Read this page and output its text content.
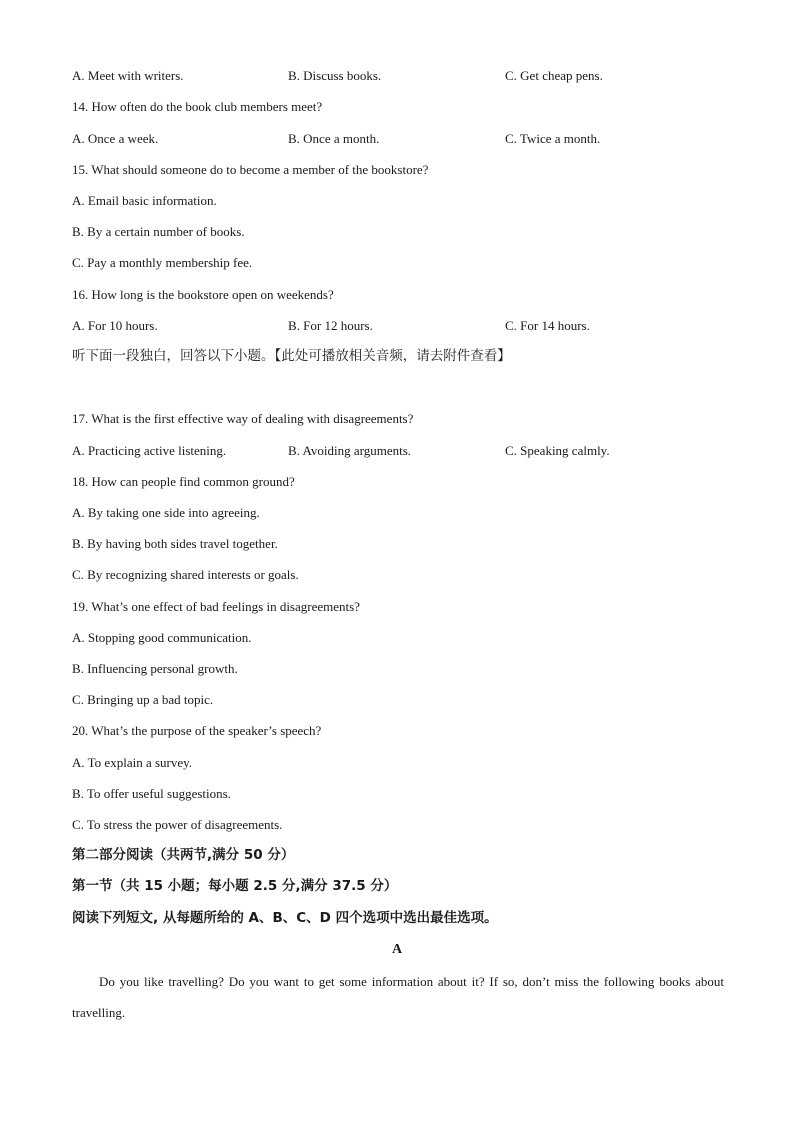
A. Meet with writers.	B. Discuss books.	C. Get cheap pens.
14. How often do the book club members meet?
A. Once a week.	B. Once a month.	C. Twice a month.
15. What should someone do to become a member of the bookstore?
A. Email basic information.
B. By a certain number of books.
C. Pay a monthly membership fee.
16. How long is the bookstore open on weekends?
A. For 10 hours.	B. For 12 hours.	C. For 14 hours.
听下面一段独白，回答以下小题。【此处可播放相关音频，请去附件查看】
17. What is the first effective way of dealing with disagreements?
A. Practicing active listening.	B. Avoiding arguments.	C. Speaking calmly.
18. How can people find common ground?
A. By taking one side into agreeing.
B. By having both sides travel together.
C. By recognizing shared interests or goals.
19. What’s one effect of bad feelings in disagreements?
A. Stopping good communication.
B. Influencing personal growth.
C. Bringing up a bad topic.
20. What’s the purpose of the speaker’s speech?
A. To explain a survey.
B. To offer useful suggestions.
C. To stress the power of disagreements.
第二部分阅读（共两节,满分 50 分）
第一节（共 15 小题；每小题 2.5 分,满分 37.5 分）
阅读下列短文, 从每题所给的 A、B、C、D 四个选项中选出最佳选项。
A
Do you like travelling? Do you want to get some information about it? If so, don’t miss the following books about travelling.
